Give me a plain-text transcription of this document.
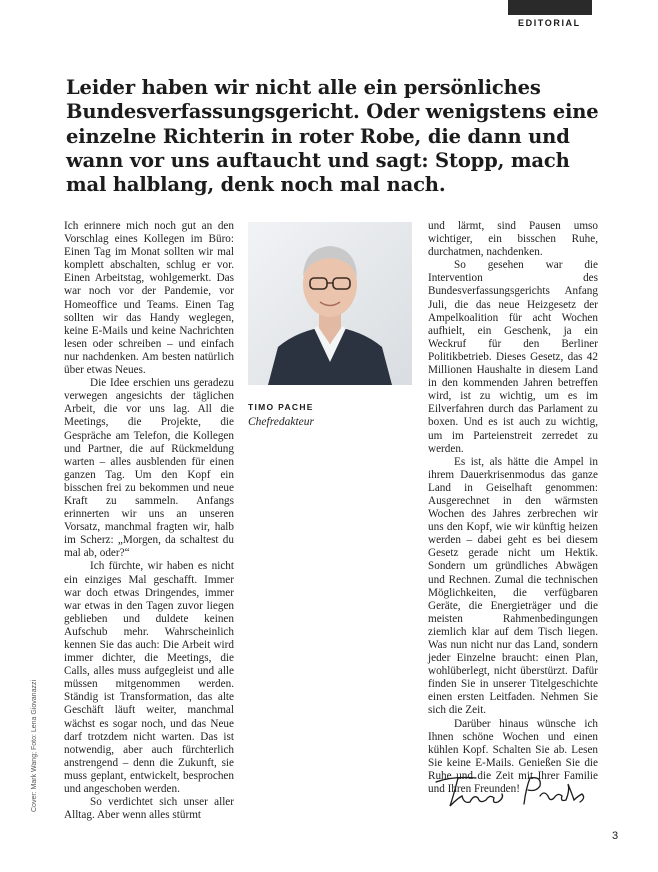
EDITORIAL
Leider haben wir nicht alle ein persönliches Bundesverfassungsgericht. Oder wenigstens eine einzelne Richterin in roter Robe, die dann und wann vor uns auftaucht und sagt: Stopp, mach mal halblang, denk noch mal nach.

Ich erinnere mich noch gut an den Vorschlag eines Kollegen im Büro: Einen Tag im Monat sollten wir mal komplett abschalten, schlug er vor. Einen Arbeitstag, wohlgemerkt. Das war noch vor der Pandemie, vor Homeoffice und Teams. Einen Tag sollten wir das Handy weglegen, keine E-Mails und keine Nachrichten lesen oder schreiben – und einfach nur nachdenken. Am besten natürlich über etwas Neues.

Die Idee erschien uns geradezu verwegen angesichts der täglichen Arbeit, die vor uns lag. All die Meetings, die Projekte, die Gespräche am Telefon, die Kollegen und Partner, die auf Rückmeldung warten – alles ausblenden für einen ganzen Tag. Um den Kopf ein bisschen frei zu bekommen und neue Kraft zu sammeln. Anfangs erinnerten wir uns an unseren Vorsatz, manchmal fragten wir, halb im Scherz: „Morgen, da schaltest du mal ab, oder?“

Ich fürchte, wir haben es nicht ein einziges Mal geschafft. Immer war doch etwas Dringendes, immer war etwas in den Tagen zuvor liegen geblieben und duldete keinen Aufschub mehr. Wahrscheinlich kennen Sie das auch: Die Arbeit wird immer dichter, die Meetings, die Calls, alles muss aufgegleist und alle müssen mitgenommen werden. Ständig ist Transformation, das alte Geschäft läuft weiter, manchmal wächst es sogar noch, und das Neue darf trotzdem nicht warten. Das ist notwendig, aber auch fürchterlich anstrengend – denn die Zukunft, sie muss geplant, entwickelt, besprochen und angeschoben werden.

So verdichtet sich unser aller Alltag. Aber wenn alles stürmt

TIMO PACHE
Chefredakteur

und lärmt, sind Pausen umso wichtiger, ein bisschen Ruhe, durchatmen, nachdenken.

So gesehen war die Intervention des Bundesverfassungsgerichts Anfang Juli, die das neue Heizgesetz der Ampelkoalition für acht Wochen aufhielt, ein Geschenk, ja ein Weckruf für den Berliner Politikbetrieb. Dieses Gesetz, das 42 Millionen Haushalte in diesem Land in den kommenden Jahren betreffen wird, ist zu wichtig, um es im Eilverfahren durch das Parlament zu boxen. Und es ist auch zu wichtig, um im Parteienstreit zerredet zu werden.

Es ist, als hätte die Ampel in ihrem Dauerkrisenmodus das ganze Land in Geiselhaft genommen: Ausgerechnet in den wärmsten Wochen des Jahres zerbrechen wir uns den Kopf, wie wir künftig heizen werden – dabei geht es bei diesem Gesetz gerade nicht um Hektik. Sondern um gründliches Abwägen und Rechnen. Zumal die technischen Möglichkeiten, die verfügbaren Geräte, die Energieträger und die meisten Rahmenbedingungen ziemlich klar auf dem Tisch liegen. Was nun nicht nur das Land, sondern jeder Einzelne braucht: einen Plan, wohlüberlegt, nicht überstürzt. Dafür finden Sie in unserer Titelgeschichte einen ersten Leitfaden. Nehmen Sie sich die Zeit.

Darüber hinaus wünsche ich Ihnen schöne Wochen und einen kühlen Kopf. Schalten Sie ab. Lesen Sie keine E-Mails. Genießen Sie die Ruhe und die Zeit mit Ihrer Familie und Ihren Freunden!

Cover: Mark Wang; Foto: Lena Giovanazzi
3
